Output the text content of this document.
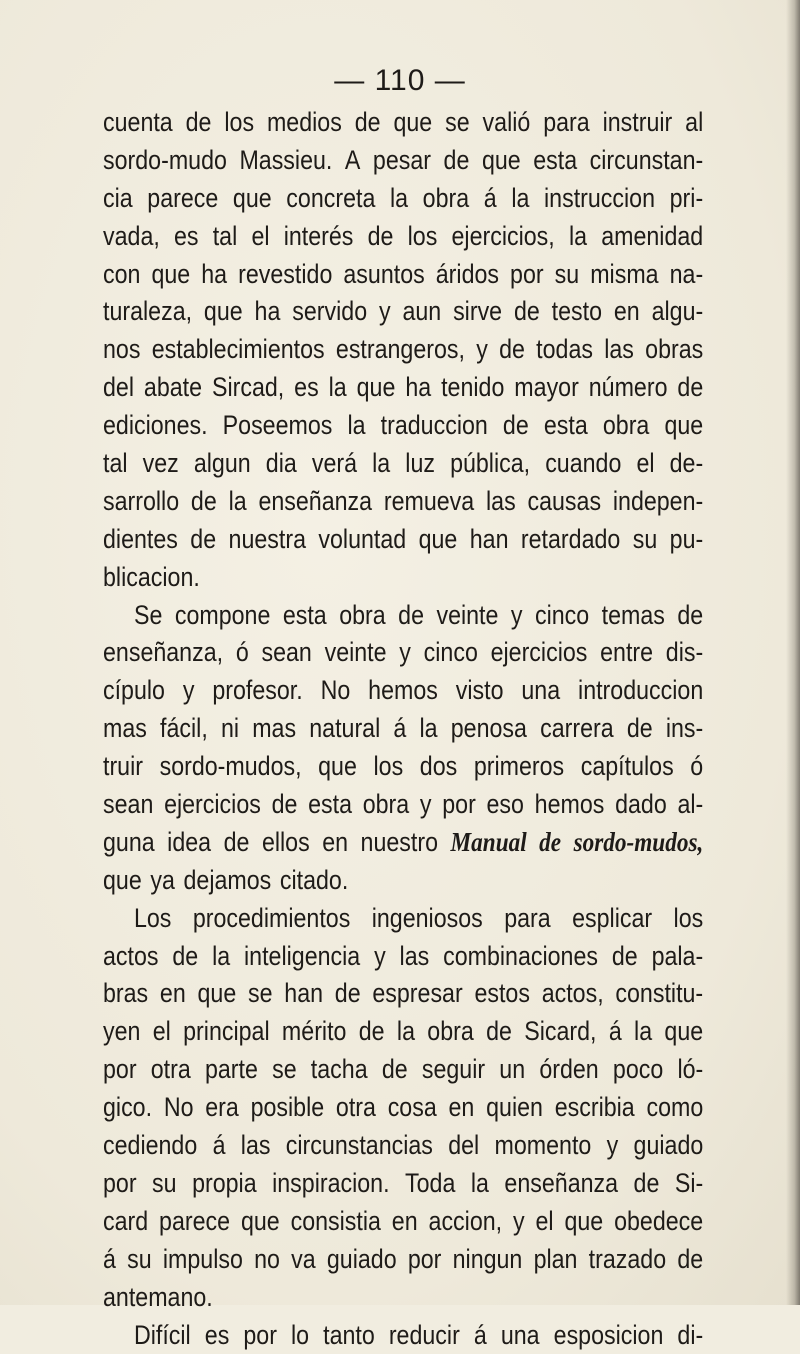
— 110 —
cuenta de los medios de que se valió para instruir al
sordo-mudo Massieu. A pesar de que esta circunstan-
cia parece que concreta la obra á la instruccion pri-
vada, es tal el interés de los ejercicios, la amenidad
con que ha revestido asuntos áridos por su misma na-
turaleza, que ha servido y aun sirve de testo en algu-
nos establecimientos estrangeros, y de todas las obras
del abate Sircad, es la que ha tenido mayor número de
ediciones. Poseemos la traduccion de esta obra que
tal vez algun dia verá la luz pública, cuando el de-
sarrollo de la enseñanza remueva las causas indepen-
dientes de nuestra voluntad que han retardado su pu-
blicacion.
Se compone esta obra de veinte y cinco temas de
enseñanza, ó sean veinte y cinco ejercicios entre dis-
cípulo y profesor. No hemos visto una introduccion
mas fácil, ni mas natural á la penosa carrera de ins-
truir sordo-mudos, que los dos primeros capítulos ó
sean ejercicios de esta obra y por eso hemos dado al-
guna idea de ellos en nuestro Manual de sordo-mudos,
que ya dejamos citado.
Los procedimientos ingeniosos para esplicar los
actos de la inteligencia y las combinaciones de pala-
bras en que se han de espresar estos actos, constitu-
yen el principal mérito de la obra de Sicard, á la que
por otra parte se tacha de seguir un órden poco ló-
gico. No era posible otra cosa en quien escribia como
cediendo á las circunstancias del momento y guiado
por su propia inspiracion. Toda la enseñanza de Si-
card parece que consistia en accion, y el que obedece
á su impulso no va guiado por ningun plan trazado de
antemano.
Difícil es por lo tanto reducir á una esposicion di-
